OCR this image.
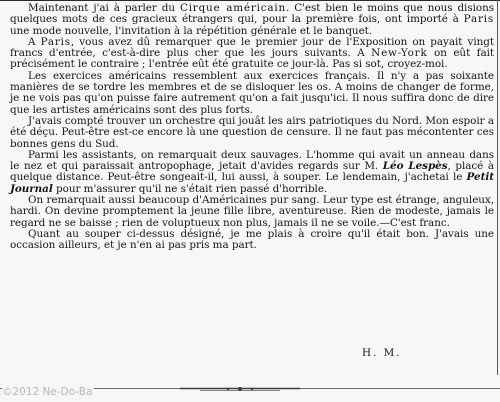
Maintenant j'ai à parler du Cirque américain. C'est bien le moins que nous disions quelques mots de ces gracieux étrangers qui, pour la première fois, ont importé à Paris une mode nouvelle, l'invitation à la répétition générale et le banquet.

A Paris, vous avez dû remarquer que le premier jour de l'Exposition on payait vingt francs d'entrée, c'est-à-dire plus cher que les jours suivants. A New-York on eût fait précisément le contraire ; l'entrée eût été gratuite ce jour-là. Pas si sot, croyez-moi.

Les exercices américains ressemblent aux exercices français. Il n'y a pas soixante manières de se tordre les membres et de se disloquer les os. A moins de changer de forme, je ne vois pas qu'on puisse faire autrement qu'on a fait jusqu'ici. Il nous suffira donc de dire que les artistes américains sont des plus forts.

J'avais compté trouver un orchestre qui jouât les airs patriotiques du Nord. Mon espoir a été déçu. Peut-être est-ce encore là une question de censure. Il ne faut pas mécontenter ces bonnes gens du Sud.

Parmi les assistants, on remarquait deux sauvages. L'homme qui avait un anneau dans le nez et qui paraissait antropophage, jetait d'avides regards sur M. Léo Lespès, placé à quelque distance. Peut-être songeait-il, lui aussi, à souper. Le lendemain, j'achetai le Petit Journal pour m'assurer qu'il ne s'était rien passé d'horrible.

On remarquait aussi beaucoup d'Américaines pur sang. Leur type est étrange, anguleux, hardi. On devine promptement la jeune fille libre, aventureuse. Rien de modeste, jamais le regard ne se baisse ; rien de voluptueux non plus, jamais il ne se voile.—C'est franc.

Quant au souper ci-dessus désigné, je me plais à croire qu'il était bon. J'avais une occasion ailleurs, et je n'en ai pas pris ma part.

H. M.
©2012 Ne-Do-Ba
